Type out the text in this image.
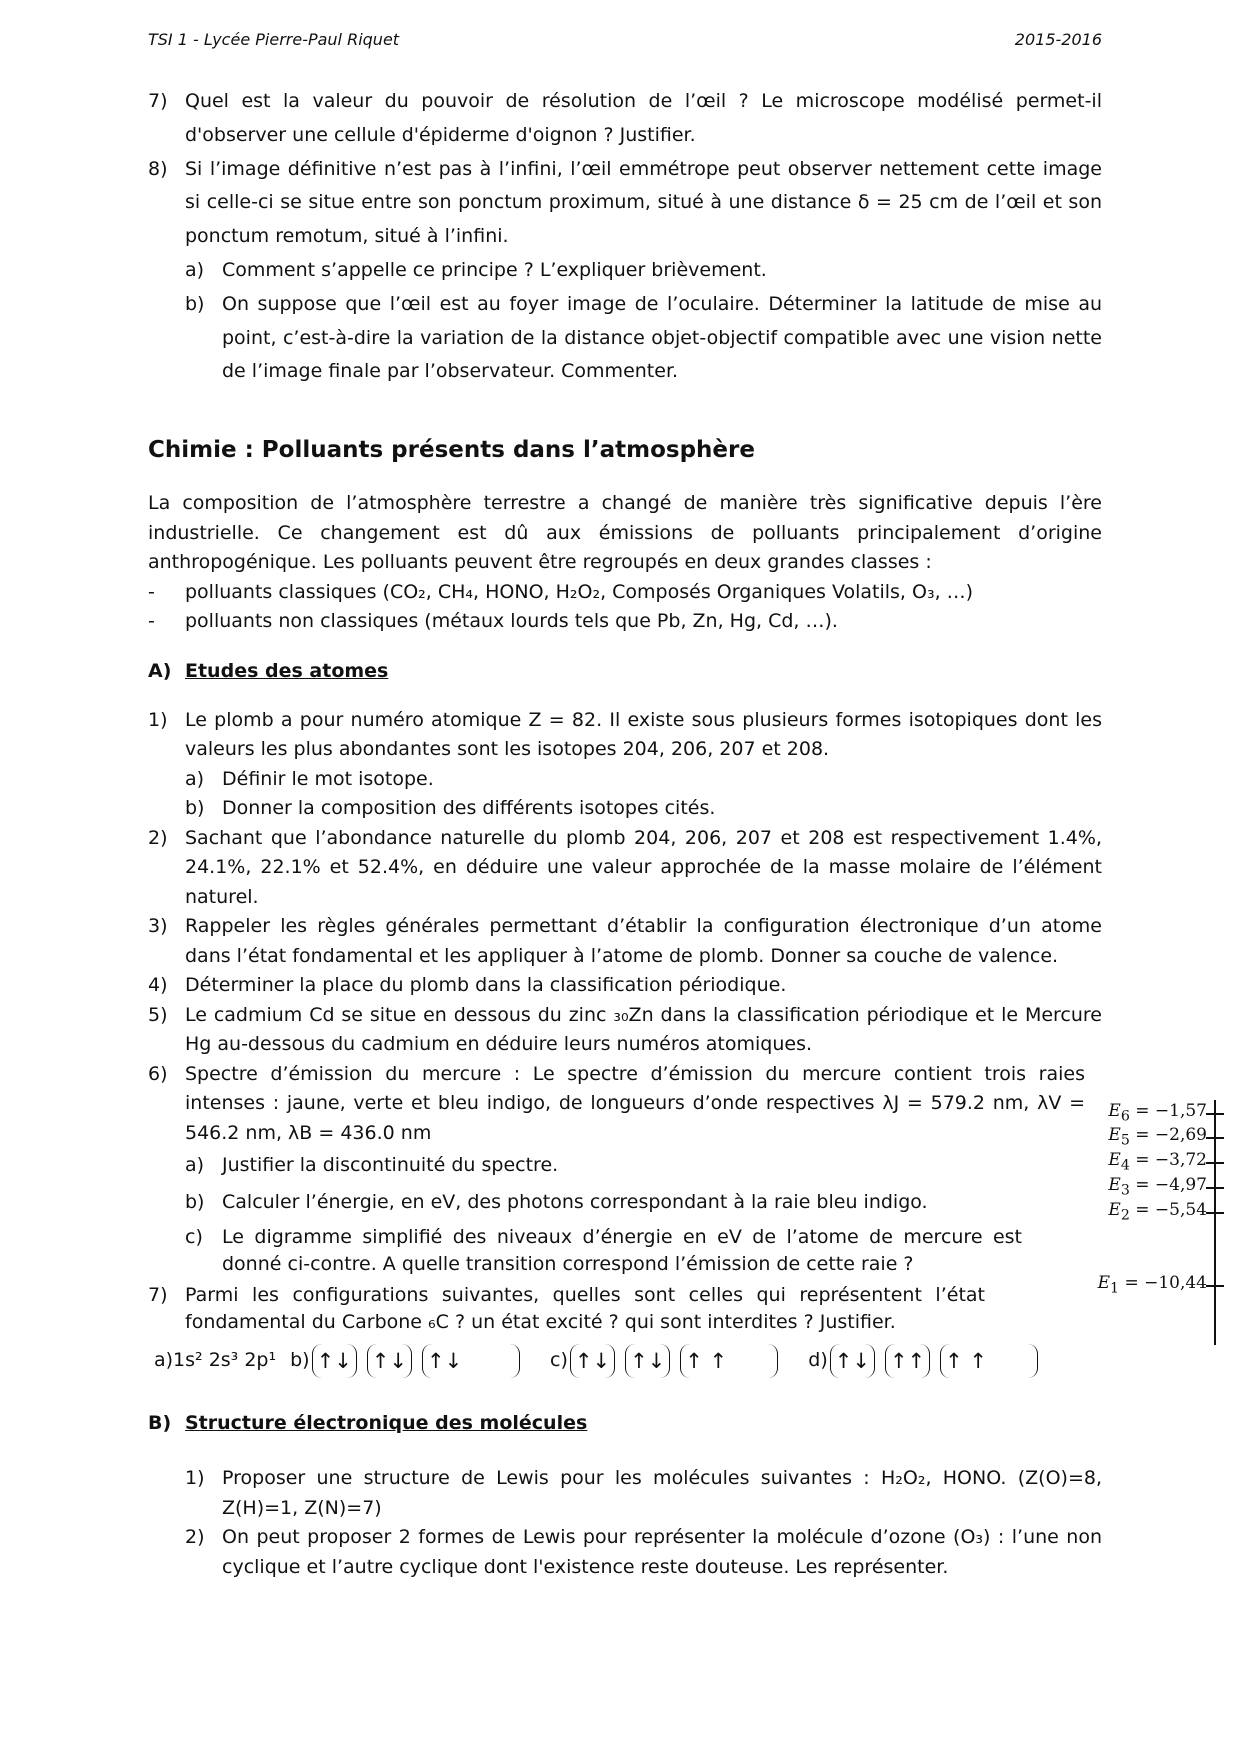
TSI 1 - Lycée Pierre-Paul Riquet	2015-2016
7) Quel est la valeur du pouvoir de résolution de l’œil ? Le microscope modélisé permet-il d'observer une cellule d'épiderme d'oignon ? Justifier.
8) Si l’image définitive n’est pas à l’infini, l’œil emmétrope peut observer nettement cette image si celle-ci se situe entre son ponctum proximum, situé à une distance δ = 25 cm de l’œil et son ponctum remotum, situé à l’infini.
a) Comment s’appelle ce principe ? L’expliquer brièvement.
b) On suppose que l’œil est au foyer image de l’oculaire. Déterminer la latitude de mise au point, c’est-à-dire la variation de la distance objet-objectif compatible avec une vision nette de l’image finale par l’observateur. Commenter.
Chimie : Polluants présents dans l’atmosphère

La composition de l’atmosphère terrestre a changé de manière très significative depuis l’ère industrielle. Ce changement est dû aux émissions de polluants principalement d’origine anthropogénique. Les polluants peuvent être regroupés en deux grandes classes :

- polluants classiques (CO₂, CH₄, HONO, H₂O₂, Composés Organiques Volatils, O₃, …)
- polluants non classiques (métaux lourds tels que Pb, Zn, Hg, Cd, …).
A) Etudes des atomes
1) Le plomb a pour numéro atomique Z = 82. Il existe sous plusieurs formes isotopiques dont les valeurs les plus abondantes sont les isotopes 204, 206, 207 et 208.
a) Définir le mot isotope.
b) Donner la composition des différents isotopes cités.
2) Sachant que l’abondance naturelle du plomb 204, 206, 207 et 208 est respectivement 1.4%, 24.1%, 22.1% et 52.4%, en déduire une valeur approchée de la masse molaire de l’élément naturel.
3) Rappeler les règles générales permettant d’établir la configuration électronique d’un atome dans l’état fondamental et les appliquer à l’atome de plomb. Donner sa couche de valence.
4) Déterminer la place du plomb dans la classification périodique.
5) Le cadmium Cd se situe en dessous du zinc ₃₀Zn dans la classification périodique et le Mercure Hg au-dessous du cadmium en déduire leurs numéros atomiques.
6) Spectre d’émission du mercure : Le spectre d’émission du mercure contient trois raies intenses : jaune, verte et bleu indigo, de longueurs d’onde respectives λJ = 579.2 nm, λV = 546.2 nm, λB = 436.0 nm
a) Justifier la discontinuité du spectre.
b) Calculer l’énergie, en eV, des photons correspondant à la raie bleu indigo.
c) Le digramme simplifié des niveaux d’énergie en eV de l’atome de mercure est donné ci-contre. A quelle transition correspond l’émission de cette raie ?
7) Parmi les configurations suivantes, quelles sont celles qui représentent l’état fondamental du Carbone ₆C ? un état excité ? qui sont interdites ? Justifier.
a)1s² 2s³ 2p¹ b) ↑↓ ↑↓ ↑↓	c) ↑↓ ↑↓ ↑ ↑	d) ↑↓ ↑↑ ↑ ↑
B) Structure électronique des molécules
1) Proposer une structure de Lewis pour les molécules suivantes : H₂O₂, HONO. (Z(O)=8, Z(H)=1, Z(N)=7)
2) On peut proposer 2 formes de Lewis pour représenter la molécule d’ozone (O₃) : l’une non cyclique et l’autre cyclique dont l'existence reste douteuse. Les représenter.
$E_6 = -1,57$
$E_5 = -2,69$
$E_4 = -3,72$
$E_3 = -4,97$
$E_2 = -5,54$
$E_1 = -10,44$
